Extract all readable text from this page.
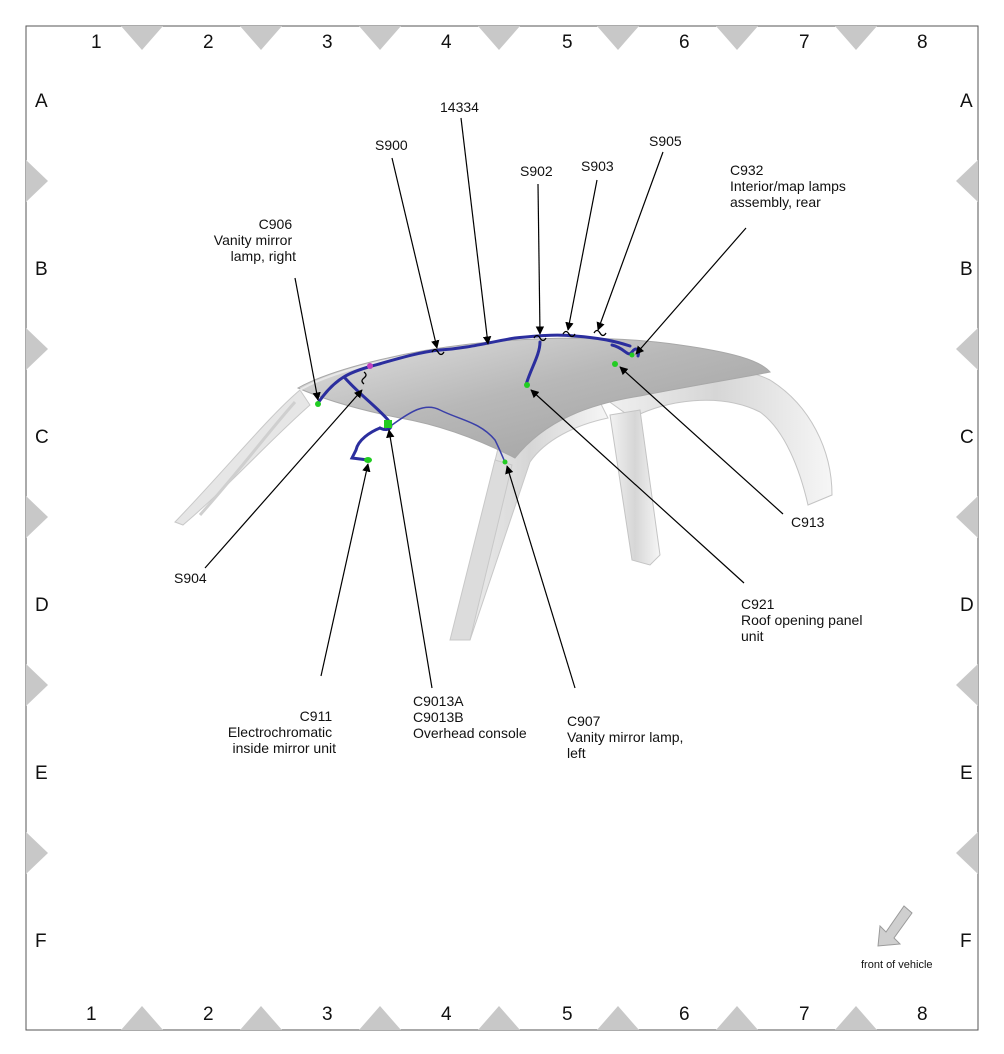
1	2	3	4	5	6	7	8
1	2	3	4	5	6	7	8
A
B
C
D
E
F
A
B
C
D
E
F
14334
S900
S902 S903
S905
C932 Interior/map lamps assembly, rear
C906 Vanity mirror lamp, right
C913
S904
C921 Roof opening panel unit
C911 Electrochromatic inside mirror unit
C9013A C9013B Overhead console
C907 Vanity mirror lamp, left
front of vehicle
